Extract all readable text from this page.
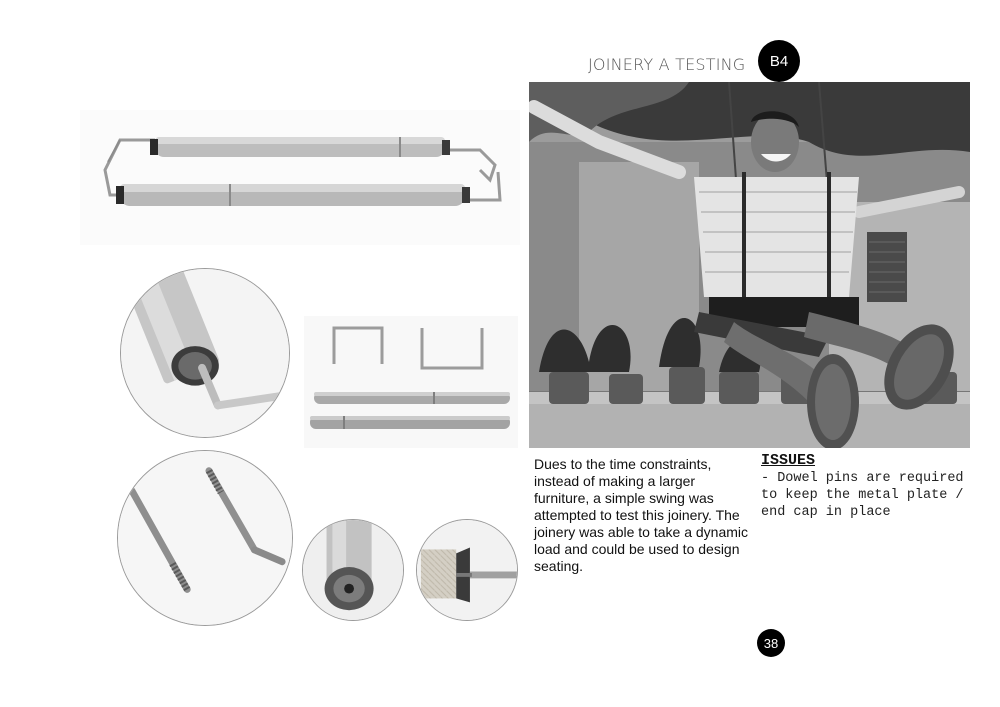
JOINERY A TESTING	B4
Dues to the time constraints, instead of making a larger furniture, a simple swing was attempted to test this joinery. The joinery was able to take a dynamic load and could be used to design seating.
ISSUES
- Dowel pins are required to keep the metal plate / end cap in place
38
